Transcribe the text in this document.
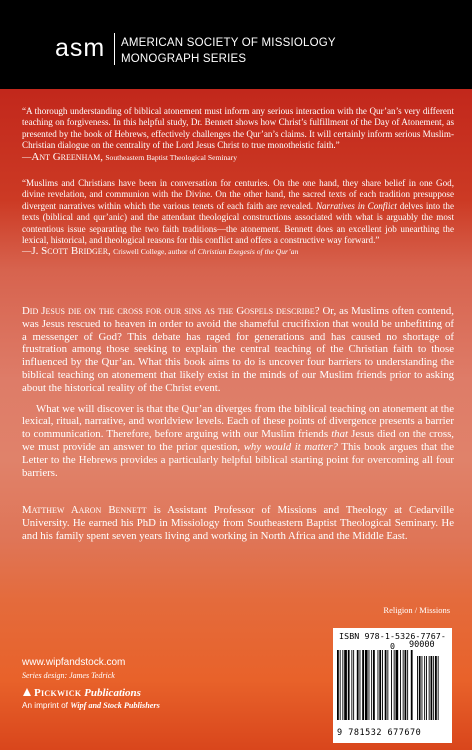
asm AMERICAN SOCIETY OF MISSIOLOGY
MONOGRAPH SERIES
“A thorough understanding of biblical atonement must inform any serious interaction with the Qur’an’s very different teaching on forgiveness. In this helpful study, Dr. Bennett shows how Christ’s fulfillment of the Day of Atonement, as presented by the book of Hebrews, effectively challenges the Qur’an’s claims. It will certainly inform serious Muslim-Christian dialogue on the centrality of the Lord Jesus Christ to true monotheistic faith.”
—Ant Greenham, Southeastern Baptist Theological Seminary
“Muslims and Christians have been in conversation for centuries. On the one hand, they share belief in one God, divine revelation, and communion with the Divine. On the other hand, the sacred texts of each tradition presuppose divergent narratives within which the various tenets of each faith are revealed. Narratives in Conflict delves into the texts (biblical and qur’anic) and the attendant theological constructions associated with what is arguably the most contentious issue separating the two faith traditions—the atonement. Bennett does an excellent job unearthing the lexical, historical, and theological reasons for this conflict and offers a constructive way forward.”
—J. Scott Bridger, Criswell College, author of Christian Exegesis of the Qur’an

Did Jesus die on the cross for our sins as the Gospels describe? Or, as Muslims often contend, was Jesus rescued to heaven in order to avoid the shameful crucifixion that would be unbefitting of a messenger of God? This debate has raged for generations and has caused no shortage of frustration among those seeking to explain the central teaching of the Christian faith to those influenced by the Qur’an. What this book aims to do is uncover four barriers to understanding the biblical teaching on atonement that likely exist in the minds of our Muslim friends prior to asking about the historical reality of the Christ event.

What we will discover is that the Qur’an diverges from the biblical teaching on atonement at the lexical, ritual, narrative, and worldview levels. Each of these points of divergence presents a barrier to communication. Therefore, before arguing with our Muslim friends that Jesus died on the cross, we must provide an answer to the prior question, why would it matter? This book argues that the Letter to the Hebrews provides a particularly helpful biblical starting point for overcoming all four barriers.

Matthew Aaron Bennett is Assistant Professor of Missions and Theology at Cedarville University. He earned his PhD in Missiology from Southeastern Baptist Theological Seminary. He and his family spent seven years living and working in North Africa and the Middle East.
Religion / Missions
www.wipfandstock.com
Series design: James Tedrick
Pickwick Publications
An imprint of Wipf and Stock Publishers
ISBN 978-1-5326-7767-0	90000
9 781532 677670
